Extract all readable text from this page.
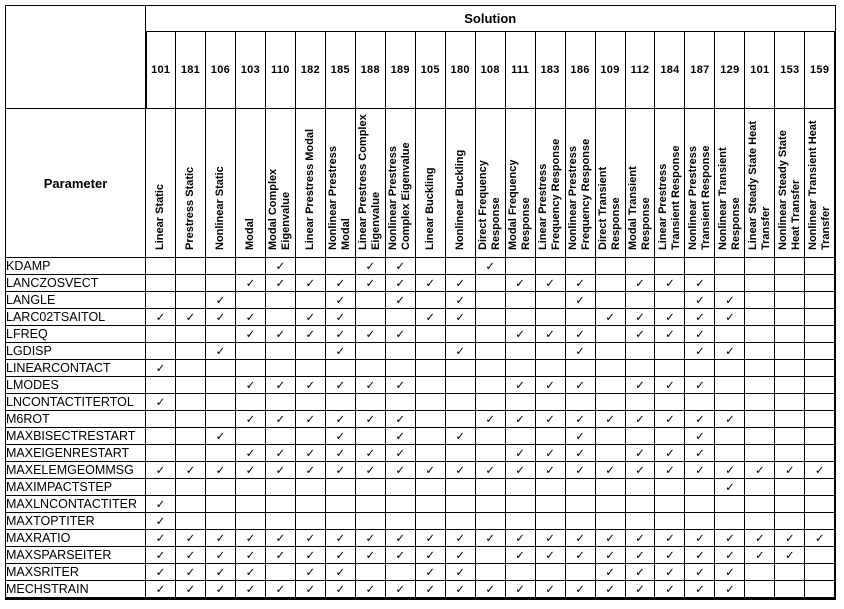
	Solution																						
	101	181	106	103	110	182	185	188	189	105	180	108	111	183	186	109	112	184	187	129	101	153	159
Parameter	Linear Static	Prestress Static	Nonlinear Static	Modal	Modal Complex Eigenvalue	Linear Prestress Modal	Nonlinear Prestress Modal	Linear Prestress Complex Eigenvalue	Nonlinear Prestress Complex Eigenvalue	Linear Buckling	Nonlinear Buckling	Direct Frequency Response	Modal Frequency Response	Linear Prestress Frequency Response	Nonlinear Prestress Frequency Response	Direct Transient Response	Modal Transient Response	Linear Prestress Transient Response	Nonlinear Prestress Transient Response	Nonlinear Transient Response	Linear Steady State Heat Transfer	Nonlinear Steady State Heat Transfer	Nonlinear Transient Heat Transfer
KDAMP					✓			✓	✓			✓											
LANCZOSVECT				✓	✓	✓	✓	✓	✓	✓	✓		✓	✓	✓		✓	✓	✓				
LANGLE			✓				✓		✓		✓				✓				✓	✓			
LARC02TSAITOL	✓	✓	✓	✓		✓	✓			✓	✓					✓	✓	✓	✓	✓			
LFREQ				✓	✓	✓	✓	✓	✓				✓	✓	✓		✓	✓	✓				
LGDISP			✓				✓				✓				✓				✓	✓			
LINEARCONTACT	✓																						
LMODES				✓	✓	✓	✓	✓	✓				✓	✓	✓		✓	✓	✓				
LNCONTACTITERTOL	✓																						
M6ROT				✓	✓	✓	✓	✓	✓			✓	✓	✓	✓	✓	✓	✓	✓	✓			
MAXBISECTRESTART			✓				✓		✓		✓				✓				✓				
MAXEIGENRESTART				✓	✓	✓	✓	✓	✓				✓	✓	✓		✓	✓	✓				
MAXELEMGEOMMSG	✓	✓	✓	✓	✓	✓	✓	✓	✓	✓	✓	✓	✓	✓	✓	✓	✓	✓	✓	✓	✓	✓	✓
MAXIMPACTSTEP																				✓			
MAXLNCONTACTITER	✓																						
MAXTOPTITER	✓																						
MAXRATIO	✓	✓	✓	✓	✓	✓	✓	✓	✓	✓	✓	✓	✓	✓	✓	✓	✓	✓	✓	✓	✓	✓	✓
MAXSPARSEITER	✓	✓	✓	✓	✓	✓	✓	✓	✓	✓	✓		✓	✓	✓	✓	✓	✓	✓	✓	✓	✓	
MAXSRITER	✓	✓	✓	✓		✓	✓			✓	✓					✓	✓	✓	✓	✓			
MECHSTRAIN	✓	✓	✓	✓	✓	✓	✓	✓	✓	✓	✓	✓	✓	✓	✓	✓	✓	✓	✓	✓			
